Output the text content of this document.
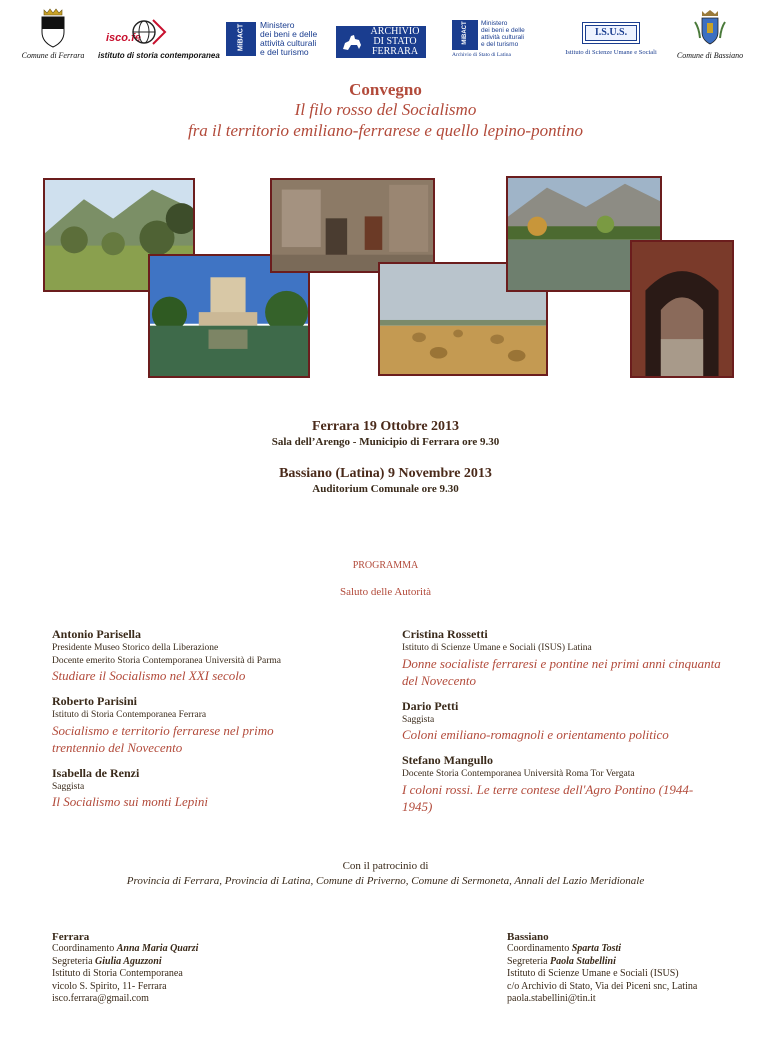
Comune di Ferrara
isco.fe
istituto di storia contemporanea
MiBACT Ministero
dei beni e delle
attività culturali
e del turismo
ARCHIVIO
DI STATO
FERRARA
MiBACT Ministero
dei beni e delle
attività culturali
e del turismo
Archivio di Stato di Latina
I.S.U.S.
Istituto di Scienze Umane e Sociali	Comune di Bassiano
Convegno
Il filo rosso del Socialismo
fra il territorio emiliano-ferrarese e quello lepino-pontino
Ferrara 19 Ottobre 2013
Sala dell’Arengo - Municipio di Ferrara ore 9.30
Bassiano (Latina) 9 Novembre 2013
Auditorium Comunale ore 9.30
PROGRAMMA
Saluto delle Autorità
Antonio Parisella
Presidente Museo Storico della Liberazione
Docente emerito Storia Contemporanea Università di Parma
Studiare il Socialismo nel XXI secolo
Roberto Parisini
Istituto di Storia Contemporanea Ferrara
Socialismo e territorio ferrarese nel primo trentennio del Novecento
Isabella de Renzi
Saggista
Il Socialismo sui monti Lepini
Cristina Rossetti
Istituto di Scienze Umane e Sociali (ISUS) Latina
Donne socialiste ferraresi e pontine nei primi anni cinquanta del Novecento
Dario Petti
Saggista
Coloni emiliano-romagnoli e orientamento politico
Stefano Mangullo
Docente Storia Contemporanea Università Roma Tor Vergata
I coloni rossi. Le terre contese dell'Agro Pontino (1944-1945)
Con il patrocinio di
Provincia di Ferrara, Provincia di Latina, Comune di Priverno, Comune di Sermoneta, Annali del Lazio Meridionale
Ferrara
Coordinamento Anna Maria Quarzi
Segreteria Giulia Aguzzoni
Istituto di Storia Contemporanea
vicolo S. Spirito, 11- Ferrara
isco.ferrara@gmail.com
Bassiano
Coordinamento Sparta Tosti
Segreteria Paola Stabellini
Istituto di Scienze Umane e Sociali (ISUS)
c/o Archivio di Stato, Via dei Piceni snc, Latina
paola.stabellini@tin.it
